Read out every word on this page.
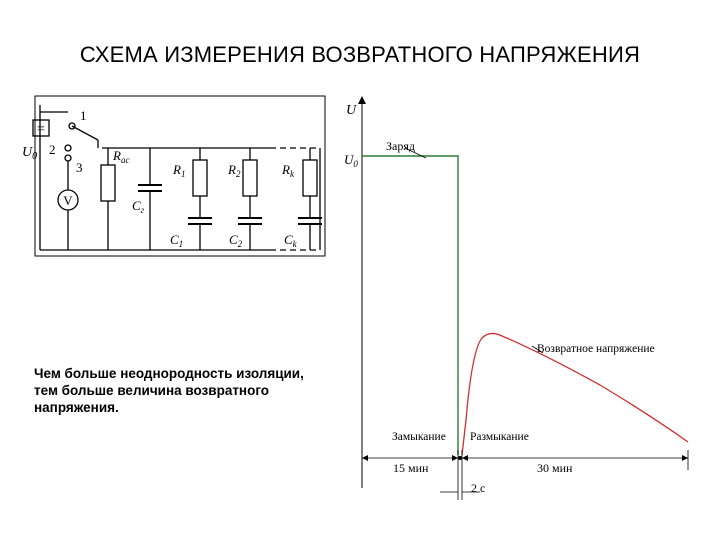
СХЕМА ИЗМЕРЕНИЯ ВОЗВРАТНОГО НАПРЯЖЕНИЯ
Чем больше неоднородность изоляции,
тем больше величина возвратного
напряжения.
=
$U_0$
1
2
3
V
$R_{ас}$
$C_г$
$R_1$	$R_2$	$R_k$
$C_1$	$C_2$	$C_k$
U
$U_0$
Заряд
Возвратное напряжение
Замыкание Размыкание
15 мин	30 мин
2 с
